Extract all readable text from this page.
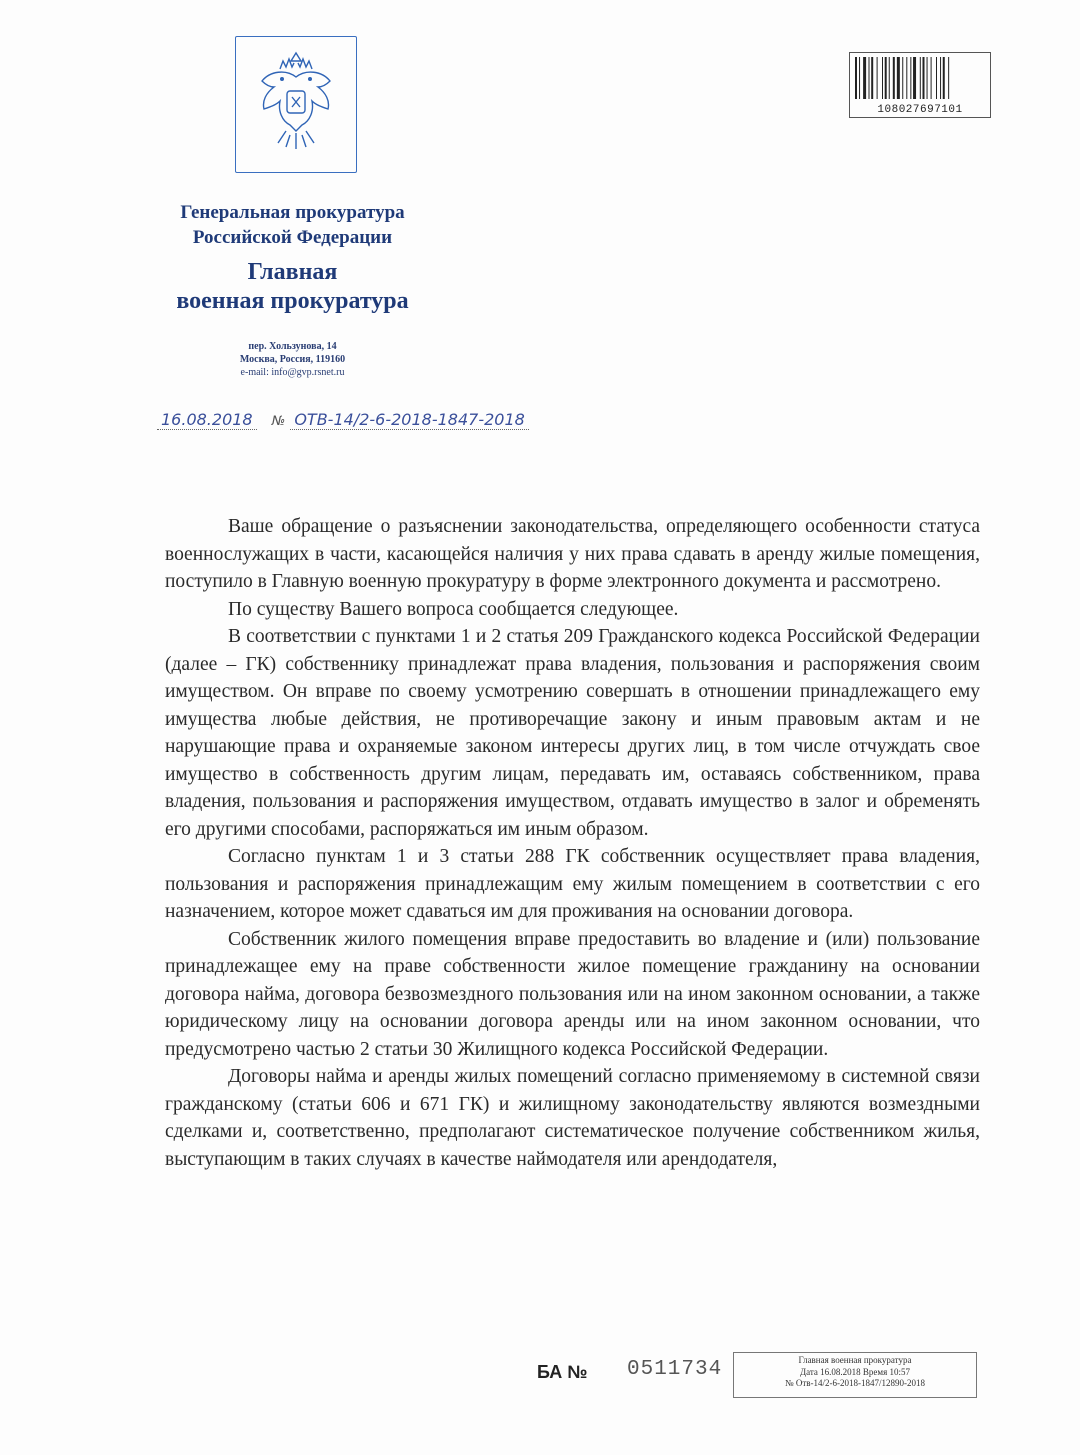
108027697101
Генеральная прокуратура
Российской Федерации
Главная
военная прокуратура
пер. Хользунова, 14
Москва, Россия, 119160
e-mail: info@gvp.rsnet.ru
16.08.2018 № ОТВ-14/2-6-2018-1847-2018

Ваше обращение о разъяснении законодательства, определяющего особенности статуса военнослужащих в части, касающейся наличия у них права сдавать в аренду жилые помещения, поступило в Главную военную прокуратуру в форме электронного документа и рассмотрено.

По существу Вашего вопроса сообщается следующее.

В соответствии с пунктами 1 и 2 статья 209 Гражданского кодекса Российской Федерации (далее – ГК) собственнику принадлежат права владения, пользования и распоряжения своим имуществом. Он вправе по своему усмотрению совершать в отношении принадлежащего ему имущества любые действия, не противоречащие закону и иным правовым актам и не нарушающие права и охраняемые законом интересы других лиц, в том числе отчуждать свое имущество в собственность другим лицам, передавать им, оставаясь собственником, права владения, пользования и распоряжения имуществом, отдавать имущество в залог и обременять его другими способами, распоряжаться им иным образом.

Согласно пунктам 1 и 3 статьи 288 ГК собственник осуществляет права владения, пользования и распоряжения принадлежащим ему жилым помещением в соответствии с его назначением, которое может сдаваться им для проживания на основании договора.

Собственник жилого помещения вправе предоставить во владение и (или) пользование принадлежащее ему на праве собственности жилое помещение гражданину на основании договора найма, договора безвозмездного пользования или на ином законном основании, а также юридическому лицу на основании договора аренды или на ином законном основании, что предусмотрено частью 2 статьи 30 Жилищного кодекса Российской Федерации.

Договоры найма и аренды жилых помещений согласно применяемому в системной связи гражданскому (статьи 606 и 671 ГК) и жилищному законодательству являются возмездными сделками и, соответственно, предполагают систематическое получение собственником жилья, выступающим в таких случаях в качестве наймодателя или арендодателя,

БА № 0511734	Главная военная прокуратура
Дата 16.08.2018 Время 10:57
№ Отв-14/2-6-2018-1847/12890-2018
